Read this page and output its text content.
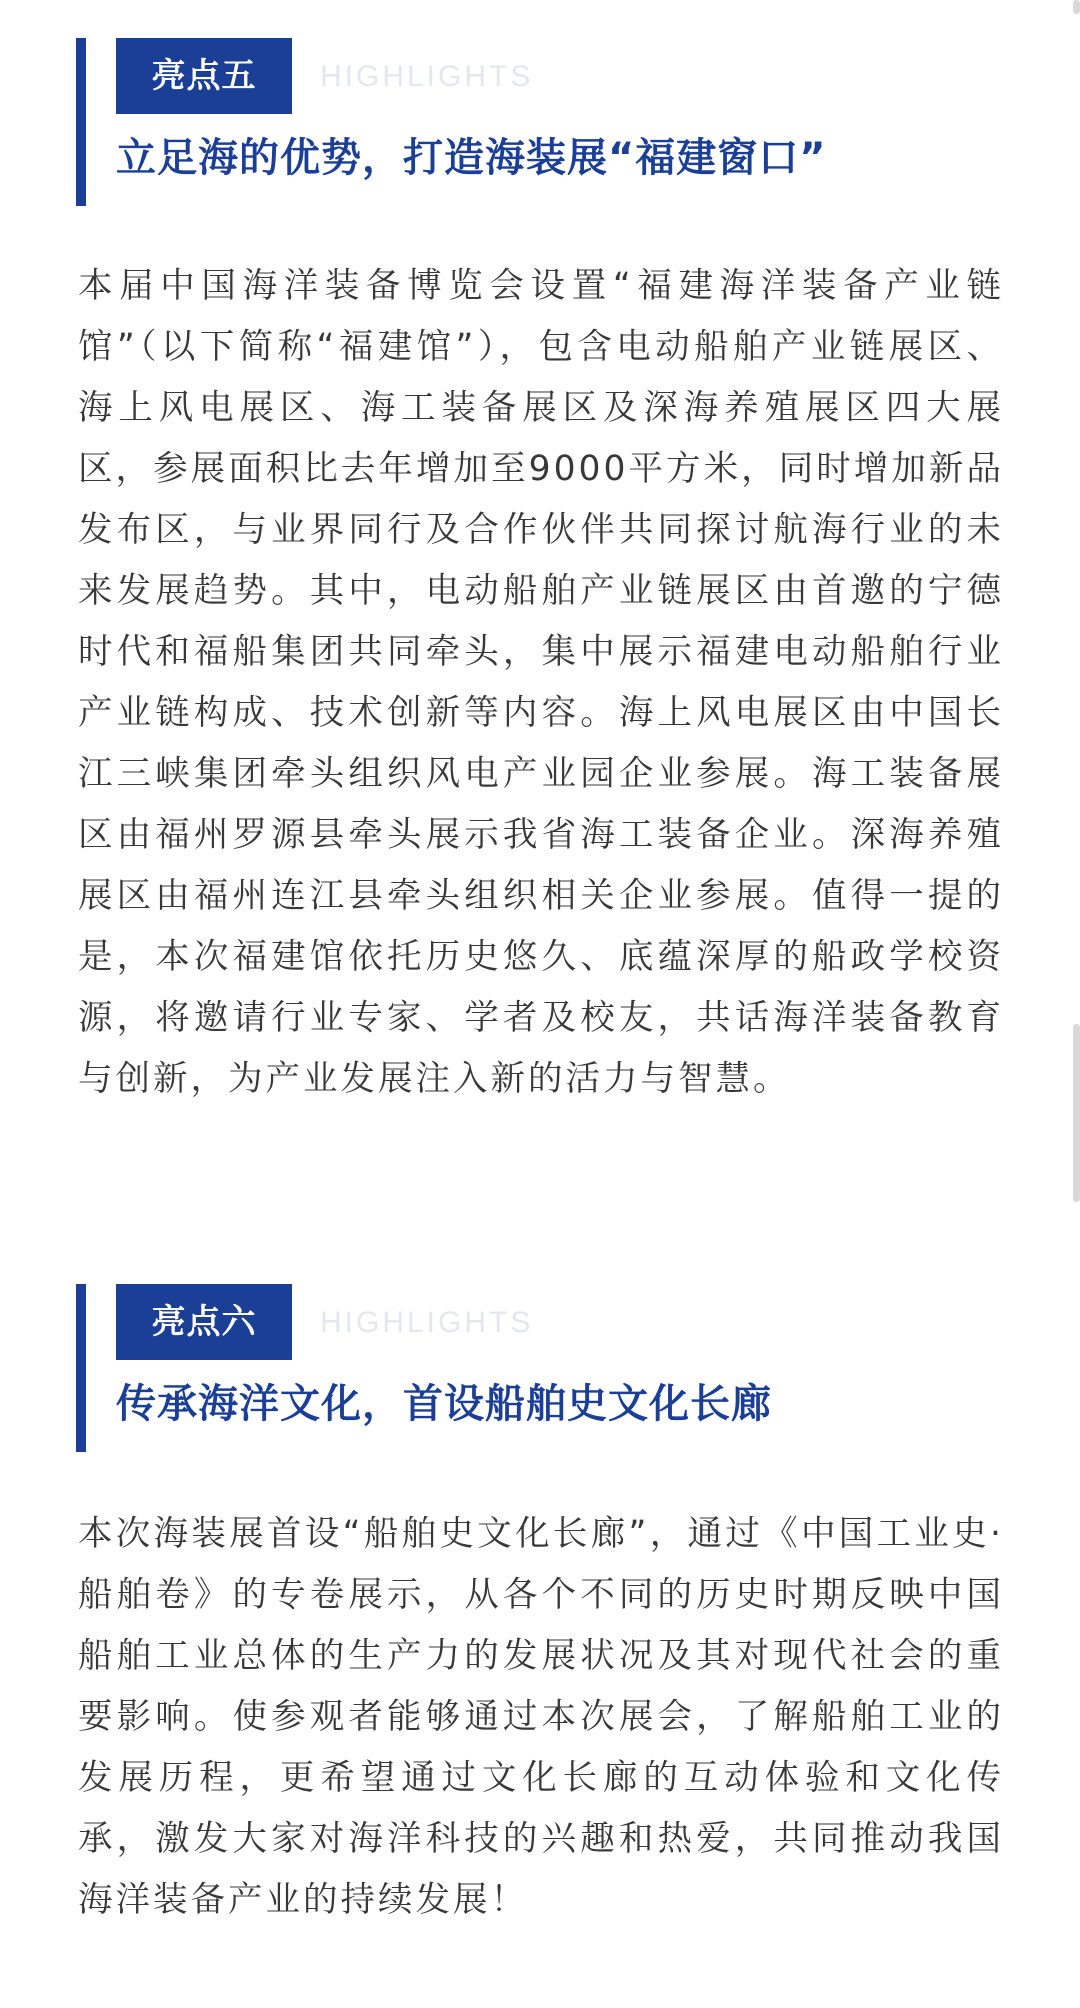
亮点五	HIGHLIGHTS
立足海的优势，打造海装展“福建窗口”

本届中国海洋装备博览会设置“福建海洋装备产业链馆”（以下简称“福建馆”），包含电动船舶产业链展区、海上风电展区、海工装备展区及深海养殖展区四大展区，参展面积比去年增加至9000平方米，同时增加新品发布区，与业界同行及合作伙伴共同探讨航海行业的未来发展趋势。其中，电动船舶产业链展区由首邀的宁德时代和福船集团共同牵头，集中展示福建电动船舶行业产业链构成、技术创新等内容。海上风电展区由中国长江三峡集团牵头组织风电产业园企业参展。海工装备展区由福州罗源县牵头展示我省海工装备企业。深海养殖展区由福州连江县牵头组织相关企业参展。值得一提的是，本次福建馆依托历史悠久、底蕴深厚的船政学校资源，将邀请行业专家、学者及校友，共话海洋装备教育与创新，为产业发展注入新的活力与智慧。

亮点六	HIGHLIGHTS
传承海洋文化，首设船舶史文化长廊

本次海装展首设“船舶史文化长廊”，通过《中国工业史·船舶卷》的专卷展示，从各个不同的历史时期反映中国船舶工业总体的生产力的发展状况及其对现代社会的重要影响。使参观者能够通过本次展会，了解船舶工业的发展历程，更希望通过文化长廊的互动体验和文化传承，激发大家对海洋科技的兴趣和热爱，共同推动我国海洋装备产业的持续发展！
